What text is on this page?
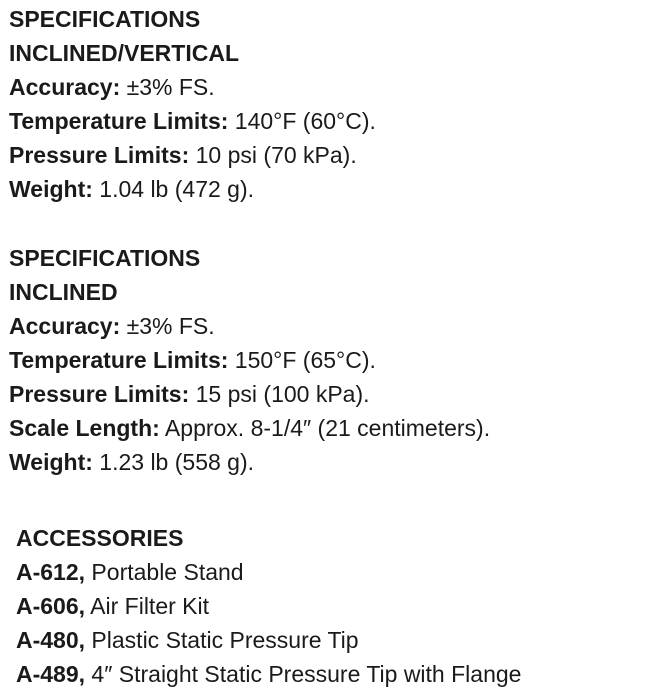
SPECIFICATIONS
INCLINED/VERTICAL
Accuracy: ±3% FS.
Temperature Limits: 140°F (60°C).
Pressure Limits: 10 psi (70 kPa).
Weight: 1.04 lb (472 g).
SPECIFICATIONS
INCLINED
Accuracy: ±3% FS.
Temperature Limits: 150°F (65°C).
Pressure Limits: 15 psi (100 kPa).
Scale Length: Approx. 8-1/4″ (21 centimeters).
Weight: 1.23 lb (558 g).
ACCESSORIES
A-612, Portable Stand
A-606, Air Filter Kit
A-480, Plastic Static Pressure Tip
A-489, 4″ Straight Static Pressure Tip with Flange
